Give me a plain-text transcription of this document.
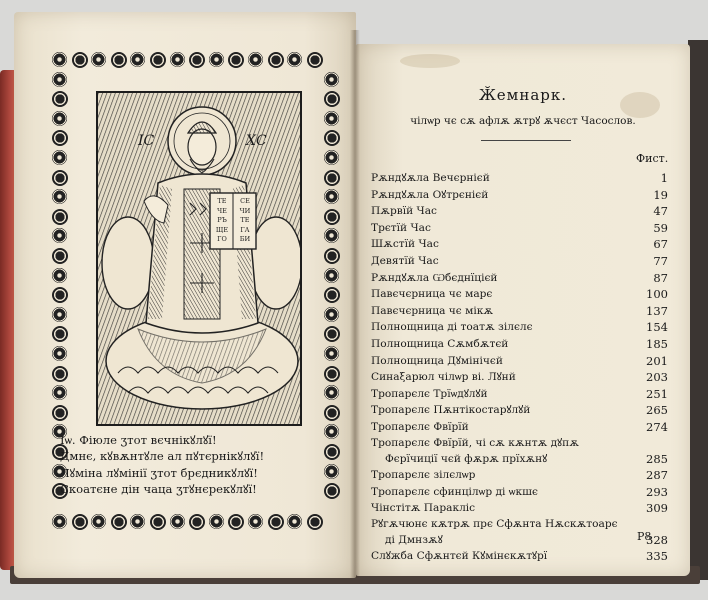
IC	ХС
ТЕ
ЧЕ
РЪ
ЩЕ
ГО
СЕ
ЧИ
ТЕ
ГА
БИ
Іѡ. Фіюле ӡтот вєчнікꙋлꙋї!
Дмнє, кꙋвѫнтꙋле ал пꙋтєрнікꙋлꙋї!
Лꙋміна лꙋмінії ӡтот брєдникꙋлꙋї!
Скоатєне дін чаца ӡтꙋнєрекꙋлꙋї!
Ӂемнарк.
чілѡр чє сѫ афлѫ ѫтрꙋ ѫчєст Часослов.
Фист.
Рѫндꙋѫла Вечєрнієй	1
Рѫндꙋѫла Оꙋтрєнієй	19
Пѫрвїй Час	47
Трєтїй Час	59
Шѫстїй Час	67
Девятїй Час	77
Рѫндꙋѫла Ѡбєднїцієй	87
Павєчєрница чє марє	100
Павєчєрница чє мікѫ	137
Полнощница ді тоатѫ зілєлє	154
Полнощница Сѫмбѫтєй	185
Полнощница Дꙋмінічєй	201
Синаξарюл чілѡр ві. Лꙋнй	203
Тропарєлє Трїѡдꙋлꙋй	251
Тропарєлє Пѫнтікостарꙋлꙋй	265
Тропарєлє Фвїрїй	274
Тропарєлє Фвїрїй, чі сѫ кѫнтѫ дꙋпѫ
Фєрїчиції чєй фѫрѫ прїхѫнꙋ	285
Тропарєлє зілєлѡр	287
Тропарєлє сфинцілѡр ді ѡкшє	293
Чінстітѫ Паракліс	309
Рꙋгѫчюнє кѫтрѫ прє Сфѫнта Нѫскѫтоарє
ді Дмнзѫꙋ	328
Слꙋжба Сфѫнтєй Кꙋмінєкѫтꙋрї	335
Р8
